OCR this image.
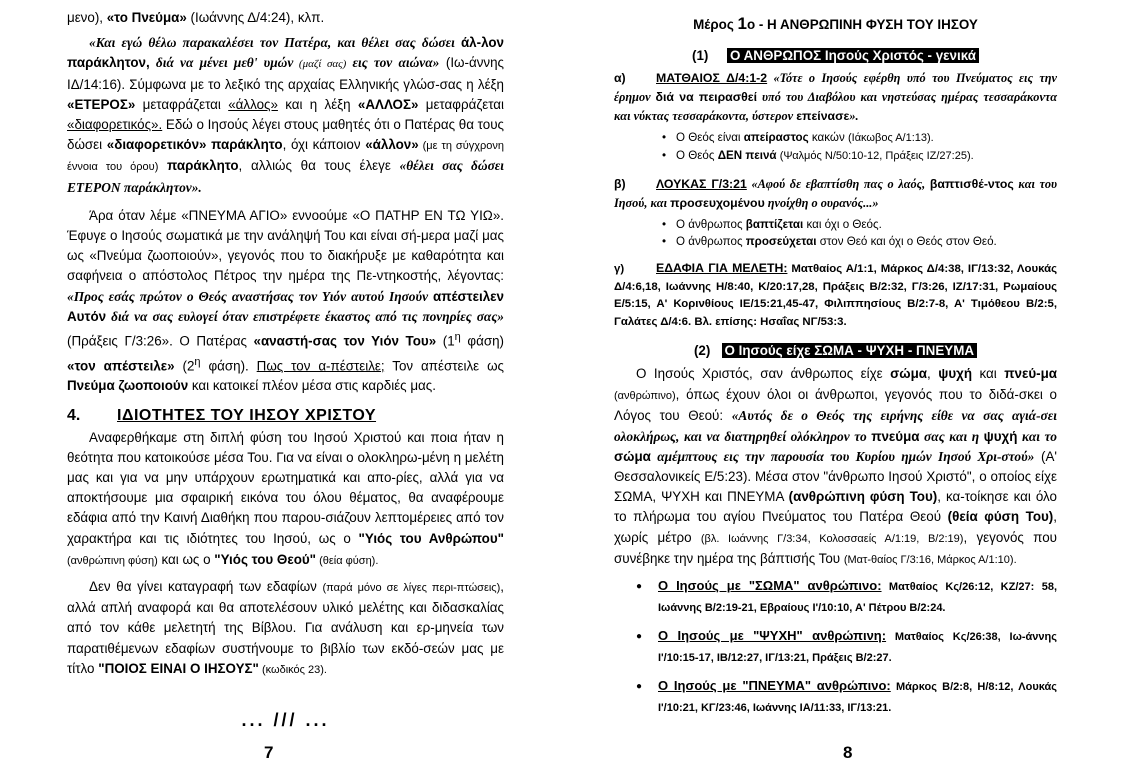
μενο), «το Πνεύμα» (Ιωάννης Δ/4:24), κλπ.

«Και εγώ θέλω παρακαλέσει τον Πατέρα, και θέλει σας δώσει άλ-λον παράκλητον, διά να μένει μεθ' υμών (μαζί σας) εις τον αιώνα» (Ιω-άννης ΙΔ/14:16). Σύμφωνα με το λεξικό της αρχαίας Ελληνικής γλώσ-σας η λέξη «ΕΤΕΡΟΣ» μεταφράζεται «άλλος» και η λέξη «ΑΛΛΟΣ» μεταφράζεται «διαφορετικός». Εδώ ο Ιησούς λέγει στους μαθητές ότι ο Πατέρας θα τους δώσει «διαφορετικόν» παράκλητο, όχι κάποιον «άλλον» (με τη σύγχρονη έννοια του όρου) παράκλητο, αλλιώς θα τους έλεγε «θέλει σας δώσει ΕΤΕΡΟΝ παράκλητον».

Άρα όταν λέμε «ΠΝΕΥΜΑ ΑΓΙΟ» εννοούμε «Ο ΠΑΤΗΡ ΕΝ ΤΩ ΥΙΩ». Έφυγε ο Ιησούς σωματικά με την ανάληψή Του και είναι σή-μερα μαζί μας ως «Πνεύμα ζωοποιούν», γεγονός που το διακήρυξε με καθαρότητα και σαφήνεια ο απόστολος Πέτρος την ημέρα της Πε-ντηκοστής, λέγοντας: «Προς εσάς πρώτον ο Θεός αναστήσας τον Υιόν αυτού Ιησούν απέστειλεν Αυτόν διά να σας ευλογεί όταν επιστρέφετε έκαστος από τις πονηρίες σας» (Πράξεις Γ/3:26». Ο Πατέρας «αναστή-σας τον Υιόν Του» ($1^\eta$ φάση) «τον απέστειλε» ($2^\eta$ φάση). Πως τον α-πέστειλε; Τον απέστειλε ως Πνεύμα ζωοποιούν και κατοικεί πλέον μέσα στις καρδιές μας.

4. ΙΔΙΟΤΗΤΕΣ ΤΟΥ ΙΗΣΟΥ ΧΡΙΣΤΟΥ

Αναφερθήκαμε στη διπλή φύση του Ιησού Χριστού και ποια ήταν η θεότητα που κατοικούσε μέσα Του. Για να είναι ο ολοκληρω-μένη η μελέτη μας και για να μην υπάρχουν ερωτηματικά και απο-ρίες, αλλά για να αποκτήσουμε μια σφαιρική εικόνα του όλου θέματος, θα αναφέρουμε εδάφια από την Καινή Διαθήκη που παρου-σιάζουν λεπτομέρειες από τον χαρακτήρα και τις ιδιότητες του Ιησού, ως ο "Υιός του Ανθρώπου" (ανθρώπινη φύση) και ως ο "Υιός του Θεού" (θεία φύση).

Δεν θα γίνει καταγραφή των εδαφίων (παρά μόνο σε λίγες περι-πτώσεις), αλλά απλή αναφορά και θα αποτελέσουν υλικό μελέτης και διδασκαλίας από τον κάθε μελετητή της Βίβλου. Για ανάλυση και ερ-μηνεία των παρατιθέμενων εδαφίων συστήνουμε το βιβλίο των εκδό-σεών μας με τίτλο "ΠΟΙΟΣ ΕΙΝΑΙ Ο ΙΗΣΟΥΣ" (κωδικός 23).

... /// ...
7
Μέρος 1ο - Η ΑΝΘΡΩΠΙΝΗ ΦΥΣΗ ΤΟΥ ΙΗΣΟΥ
(1) Ο ΑΝΘΡΩΠΟΣ Ιησούς Χριστός - γενικά

α) ΜΑΤΘΑΙΟΣ Δ/4:1-2 «Τότε ο Ιησούς εφέρθη υπό του Πνεύματος εις την έρημον διά να πειρασθεί υπό του Διαβόλου και νηστεύσας ημέρας τεσσαράκοντα και νύκτας τεσσαράκοντα, ύστερον επείνασε».

• Ο Θεός είναι απείραστος κακών (Ιάκωβος Α/1:13).
• Ο Θεός ΔΕΝ πεινά (Ψαλμός Ν/50:10-12, Πράξεις ΙΖ/27:25).

β) ΛΟΥΚΑΣ Γ/3:21 «Αφού δε εβαπτίσθη πας ο λαός, βαπτισθέ-ντος και του Ιησού, και προσευχομένου ηνοίχθη ο ουρανός...»

• Ο άνθρωπος βαπτίζεται και όχι ο Θεός.
• Ο άνθρωπος προσεύχεται στον Θεό και όχι ο Θεός στον Θεό.

γ)	ΕΔΑΦΙΑ ΓΙΑ ΜΕΛΕΤΗ: Ματθαίος Α/1:1, Μάρκος Δ/4:38, ΙΓ/13:32, Λουκάς Δ/4:6,18, Ιωάννης Η/8:40, Κ/20:17,28, Πράξεις Β/2:32, Γ/3:26, ΙΖ/17:31, Ρωμαίους Ε/5:15, Α' Κορινθίους ΙΕ/15:21,45-47, Φιλιππησίους Β/2:7-8, Α' Τιμόθεου Β/2:5, Γαλάτες Δ/4:6. Βλ. επίσης: Ησαΐας ΝΓ/53:3.

(2) Ο Ιησούς είχε ΣΩΜΑ - ΨΥΧΗ - ΠΝΕΥΜΑ

Ο Ιησούς Χριστός, σαν άνθρωπος είχε σώμα, ψυχή και πνεύ-μα (ανθρώπινο), όπως έχουν όλοι οι άνθρωποι, γεγονός που το διδά-σκει ο Λόγος του Θεού: «Αυτός δε ο Θεός της ειρήνης είθε να σας αγιά-σει ολοκλήρως, και να διατηρηθεί ολόκληρον το πνεύμα σας και η ψυχή και το σώμα αμέμπτους εις την παρουσία του Κυρίου ημών Ιησού Χρι-στού» (Α' Θεσσαλονικείς Ε/5:23). Μέσα στον "άνθρωπο Ιησού Χριστό", ο οποίος είχε ΣΩΜΑ, ΨΥΧΗ και ΠΝΕΥΜΑ (ανθρώπινη φύση Του), κα-τοίκησε και όλο το πλήρωμα του αγίου Πνεύματος του Πατέρα Θεού (θεία φύση Του), χωρίς μέτρο (βλ. Ιωάννης Γ/3:34, Κολοσσαείς Α/1:19, Β/2:19), γεγονός που συνέβηκε την ημέρα της βάπτισής Του (Ματ-θαίος Γ/3:16, Μάρκος Α/1:10).

● Ο Ιησούς με "ΣΩΜΑ" ανθρώπινο: Ματθαίος Κς/26:12, ΚΖ/27: 58, Ιωάννης Β/2:19-21, Εβραίους Ι'/10:10, Α' Πέτρου Β/2:24.
● Ο Ιησούς με "ΨΥΧΗ" ανθρώπινη: Ματθαίος Κς/26:38, Ιω-άννης Ι'/10:15-17, ΙΒ/12:27, ΙΓ/13:21, Πράξεις Β/2:27.
● Ο Ιησούς με "ΠΝΕΥΜΑ" ανθρώπινο: Μάρκος Β/2:8, Η/8:12, Λουκάς Ι'/10:21, ΚΓ/23:46, Ιωάννης ΙΑ/11:33, ΙΓ/13:21.
8
